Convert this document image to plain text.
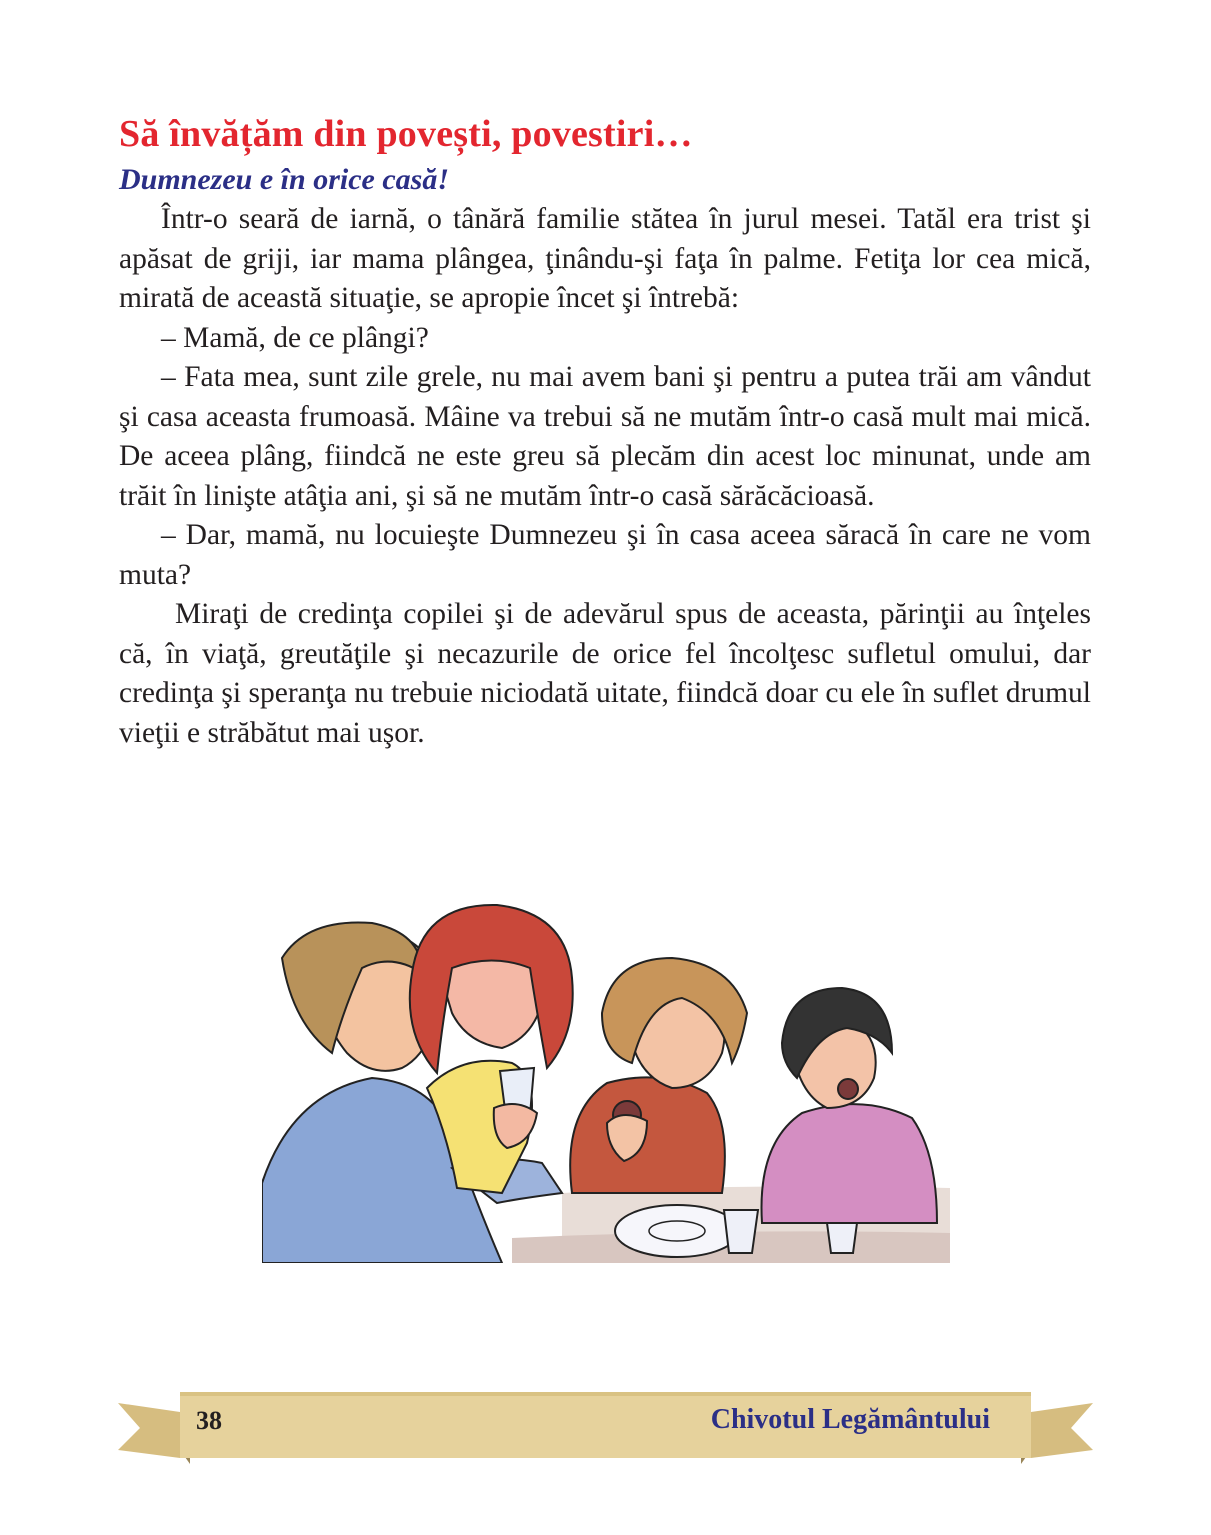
Să învățăm din povești, povestiri…
Dumnezeu e în orice casă!

Într-o seară de iarnă, o tânără familie stătea în jurul mesei. Tatăl era trist şi apăsat de griji, iar mama plângea, ţinându-şi faţa în palme. Fetiţa lor cea mică, mirată de această situaţie, se apropie încet şi întrebă:

– Mamă, de ce plângi?

– Fata mea, sunt zile grele, nu mai avem bani şi pentru a putea trăi am vândut şi casa aceasta frumoasă. Mâine va trebui să ne mutăm într-o casă mult mai mică. De aceea plâng, fiindcă ne este greu să plecăm din acest loc minunat, unde am trăit în linişte atâţia ani, şi să ne mutăm într-o casă sărăcăcioasă.

– Dar, mamă, nu locuieşte Dumnezeu şi în casa aceea săracă în care ne vom muta?

Miraţi de credinţa copilei şi de adevărul spus de aceasta, părinţii au înţeles că, în viaţă, greutăţile şi necazurile de orice fel încolţesc sufletul omului, dar credinţa şi speranţa nu trebuie niciodată uitate, fiindcă doar cu ele în suflet drumul vieţii e străbătut mai uşor.

38	Chivotul Legământului
